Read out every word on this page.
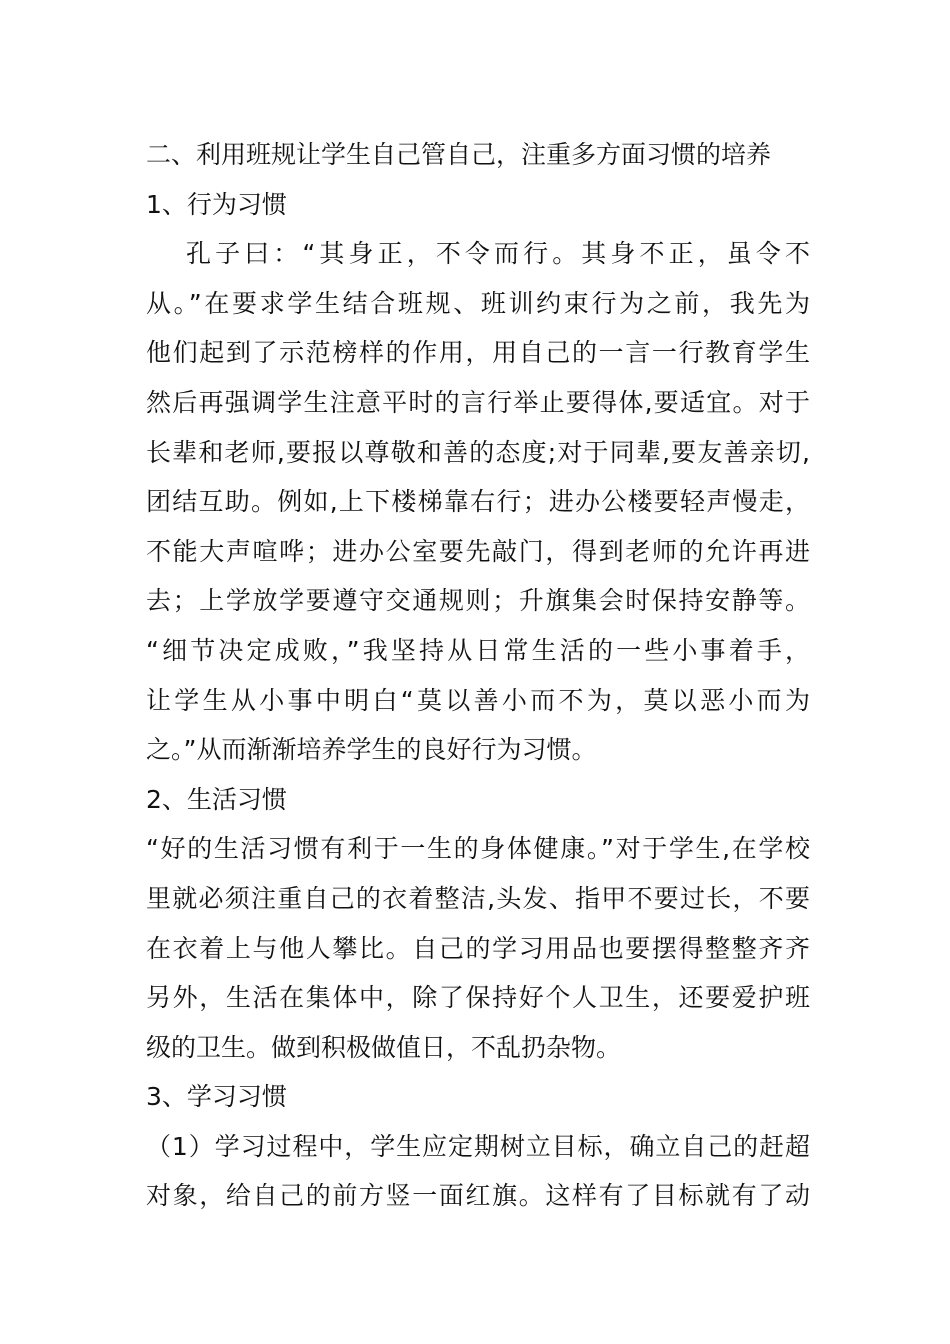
二、利用班规让学生自己管自己，注重多方面习惯的培养
1、行为习惯
孔子曰：“其身正，不令而行。其身不正，虽令不
从。”在要求学生结合班规、班训约束行为之前，我先为
他们起到了示范榜样的作用，用自己的一言一行教育学生
然后再强调学生注意平时的言行举止要得体,要适宜。对于
长辈和老师,要报以尊敬和善的态度;对于同辈,要友善亲切,
团结互助。例如,上下楼梯靠右行；进办公楼要轻声慢走，
不能大声喧哗；进办公室要先敲门，得到老师的允许再进
去；上学放学要遵守交通规则；升旗集会时保持安静等。
“细节决定成败，”我坚持从日常生活的一些小事着手，
让学生从小事中明白“莫以善小而不为，莫以恶小而为
之。”从而渐渐培养学生的良好行为习惯。
2、生活习惯
“好的生活习惯有利于一生的身体健康。”对于学生,在学校
里就必须注重自己的衣着整洁,头发、指甲不要过长，不要
在衣着上与他人攀比。自己的学习用品也要摆得整整齐齐
另外，生活在集体中，除了保持好个人卫生，还要爱护班
级的卫生。做到积极做值日，不乱扔杂物。
3、学习习惯
（1）学习过程中，学生应定期树立目标，确立自己的赶超
对象，给自己的前方竖一面红旗。这样有了目标就有了动
